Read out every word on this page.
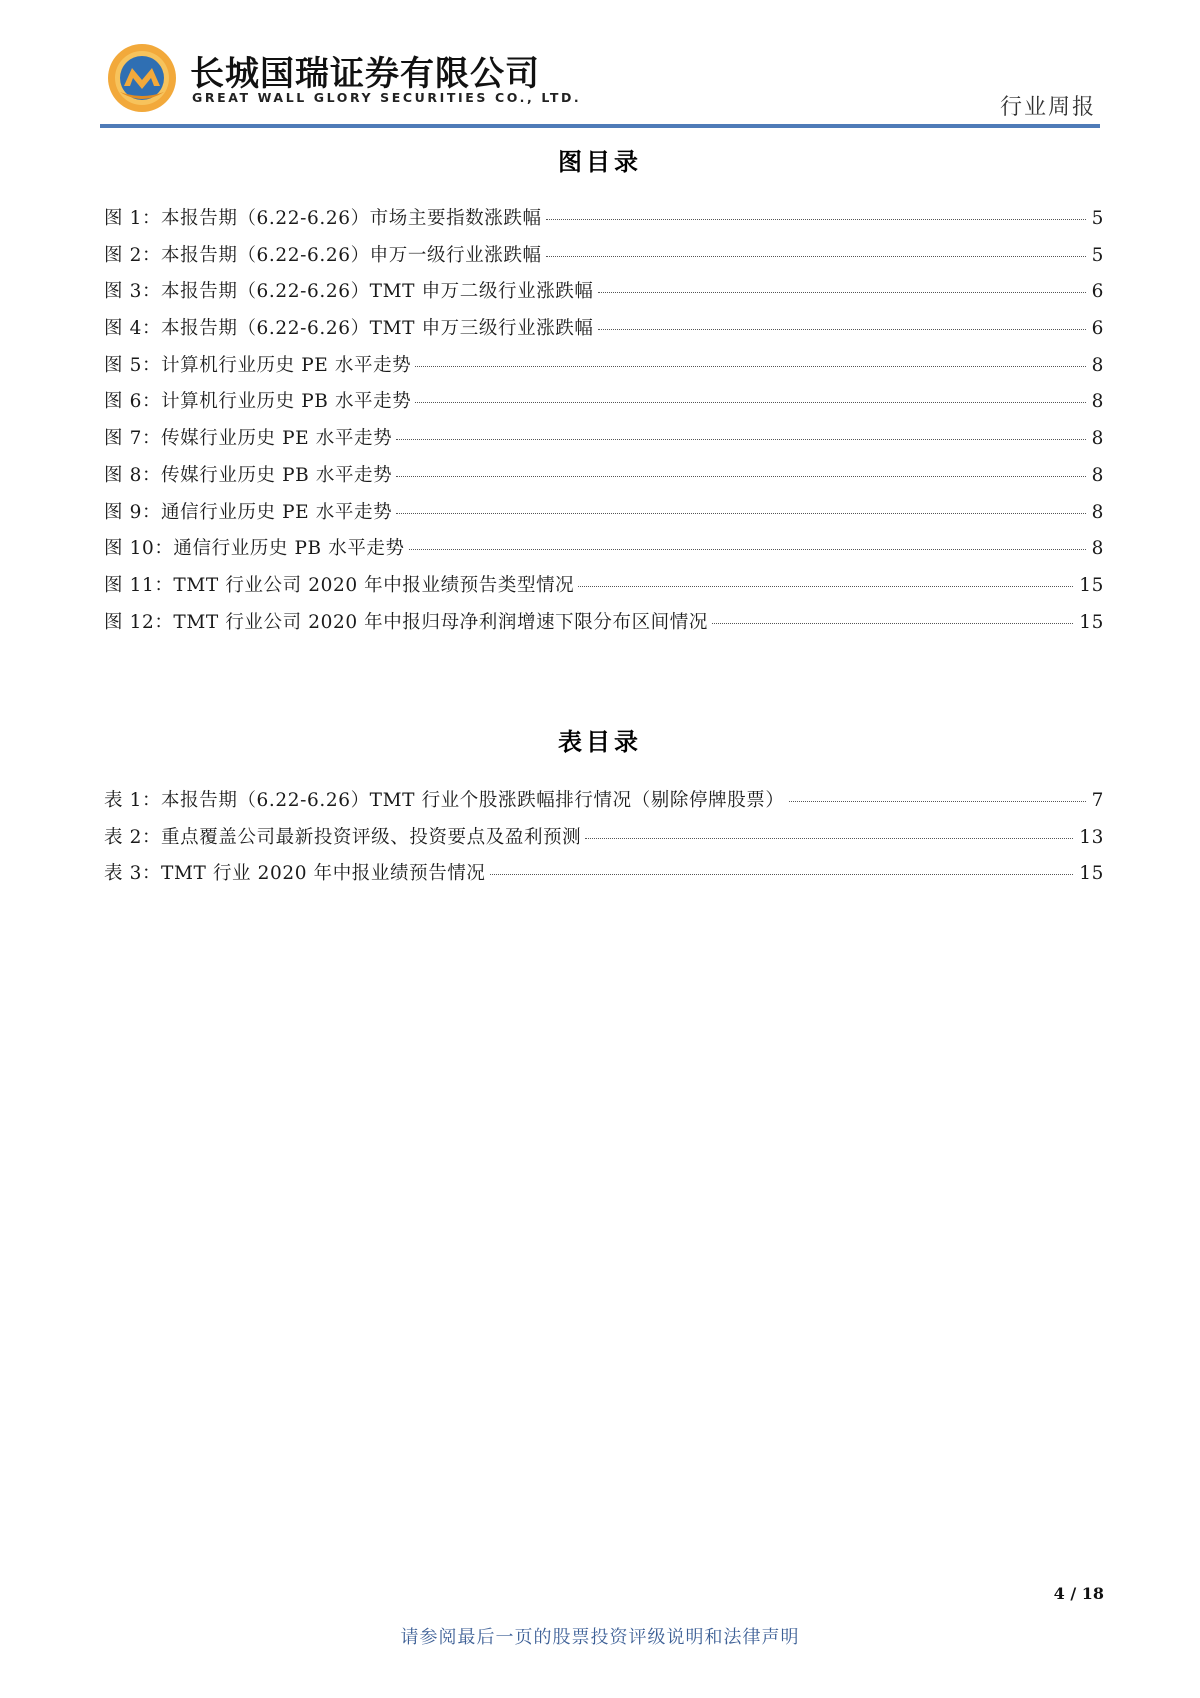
长城国瑞证券有限公司
GREAT WALL GLORY SECURITIES CO., LTD.	行业周报
图目录
图 1：本报告期（6.22-6.26）市场主要指数涨跌幅	5
图 2：本报告期（6.22-6.26）申万一级行业涨跌幅	5
图 3：本报告期（6.22-6.26）TMT 申万二级行业涨跌幅	6
图 4：本报告期（6.22-6.26）TMT 申万三级行业涨跌幅	6
图 5：计算机行业历史 PE 水平走势	8
图 6：计算机行业历史 PB 水平走势	8
图 7：传媒行业历史 PE 水平走势	8
图 8：传媒行业历史 PB 水平走势	8
图 9：通信行业历史 PE 水平走势	8
图 10：通信行业历史 PB 水平走势	8
图 11：TMT 行业公司 2020 年中报业绩预告类型情况	15
图 12：TMT 行业公司 2020 年中报归母净利润增速下限分布区间情况	15
表目录
表 1：本报告期（6.22-6.26）TMT 行业个股涨跌幅排行情况（剔除停牌股票）	7
表 2：重点覆盖公司最新投资评级、投资要点及盈利预测	13
表 3：TMT 行业 2020 年中报业绩预告情况	15
4 / 18
请参阅最后一页的股票投资评级说明和法律声明
